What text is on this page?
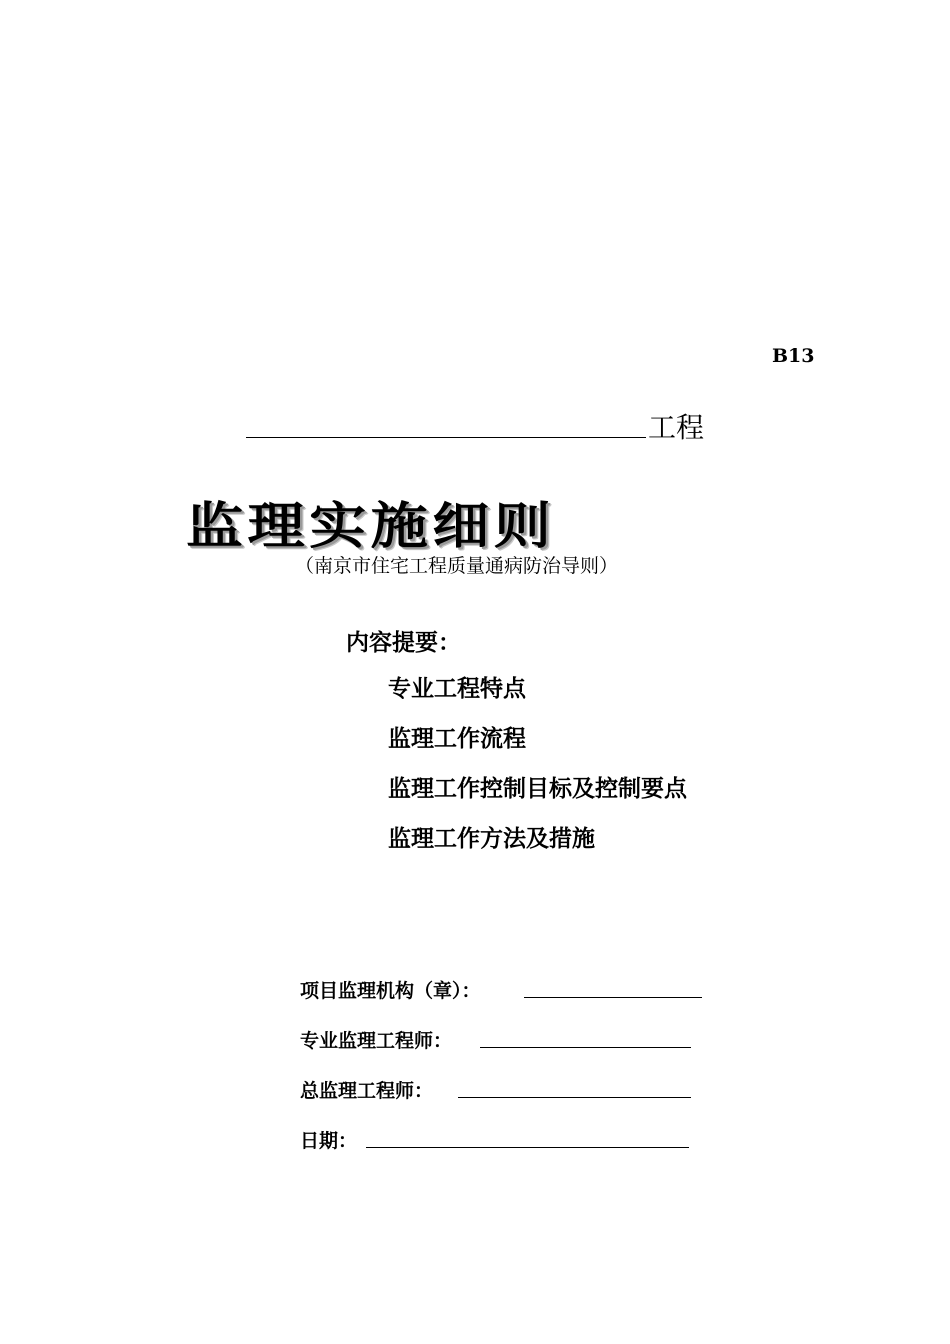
B13
工程
监理实施细则
（南京市住宅工程质量通病防治导则）
内容提要：
专业工程特点
监理工作流程
监理工作控制目标及控制要点
监理工作方法及措施
项目监理机构（章）：
专业监理工程师：
总监理工程师：
日期：
